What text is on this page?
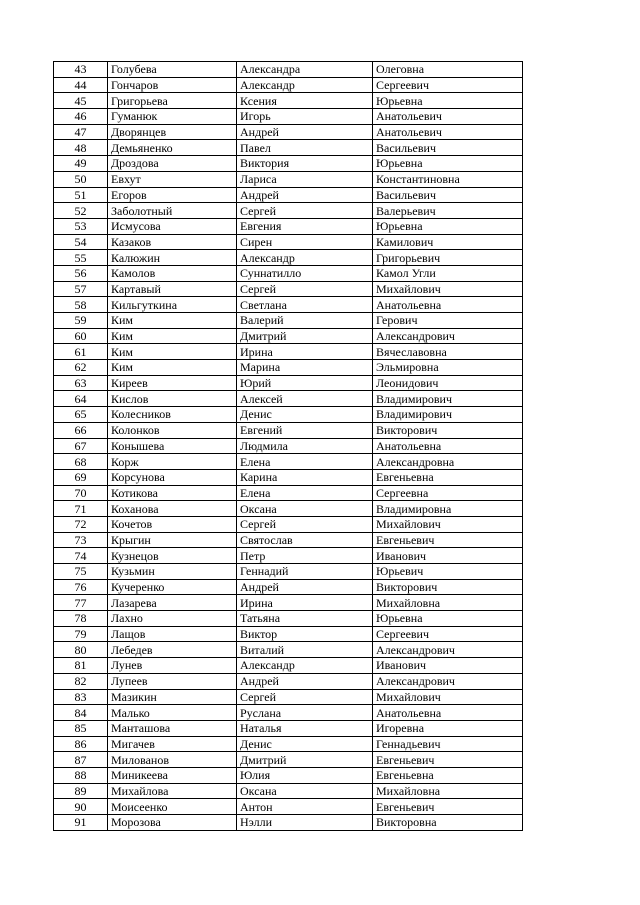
43	Голубева	Александра	Олеговна
44	Гончаров	Александр	Сергеевич
45	Григорьева	Ксения	Юрьевна
46	Гуманюк	Игорь	Анатольевич
47	Дворянцев	Андрей	Анатольевич
48	Демьяненко	Павел	Васильевич
49	Дроздова	Виктория	Юрьевна
50	Евхут	Лариса	Константиновна
51	Егоров	Андрей	Васильевич
52	Заболотный	Сергей	Валерьевич
53	Исмусова	Евгения	Юрьевна
54	Казаков	Сирен	Камилович
55	Калюжин	Александр	Григорьевич
56	Камолов	Суннатилло	Камол Угли
57	Картавый	Сергей	Михайлович
58	Кильгуткина	Светлана	Анатольевна
59	Ким	Валерий	Герович
60	Ким	Дмитрий	Александрович
61	Ким	Ирина	Вячеславовна
62	Ким	Марина	Эльмировна
63	Киреев	Юрий	Леонидович
64	Кислов	Алексей	Владимирович
65	Колесников	Денис	Владимирович
66	Колонков	Евгений	Викторович
67	Конышева	Людмила	Анатольевна
68	Корж	Елена	Александровна
69	Корсунова	Карина	Евгеньевна
70	Котикова	Елена	Сергеевна
71	Коханова	Оксана	Владимировна
72	Кочетов	Сергей	Михайлович
73	Крыгин	Святослав	Евгеньевич
74	Кузнецов	Петр	Иванович
75	Кузьмин	Геннадий	Юрьевич
76	Кучеренко	Андрей	Викторович
77	Лазарева	Ирина	Михайловна
78	Лахно	Татьяна	Юрьевна
79	Лащов	Виктор	Сергеевич
80	Лебедев	Виталий	Александрович
81	Лунев	Александр	Иванович
82	Лупеев	Андрей	Александрович
83	Мазикин	Сергей	Михайлович
84	Малько	Руслана	Анатольевна
85	Манташова	Наталья	Игоревна
86	Мигачев	Денис	Геннадьевич
87	Милованов	Дмитрий	Евгеньевич
88	Миникеева	Юлия	Евгеньевна
89	Михайлова	Оксана	Михайловна
90	Моисеенко	Антон	Евгеньевич
91	Морозова	Нэлли	Викторовна
